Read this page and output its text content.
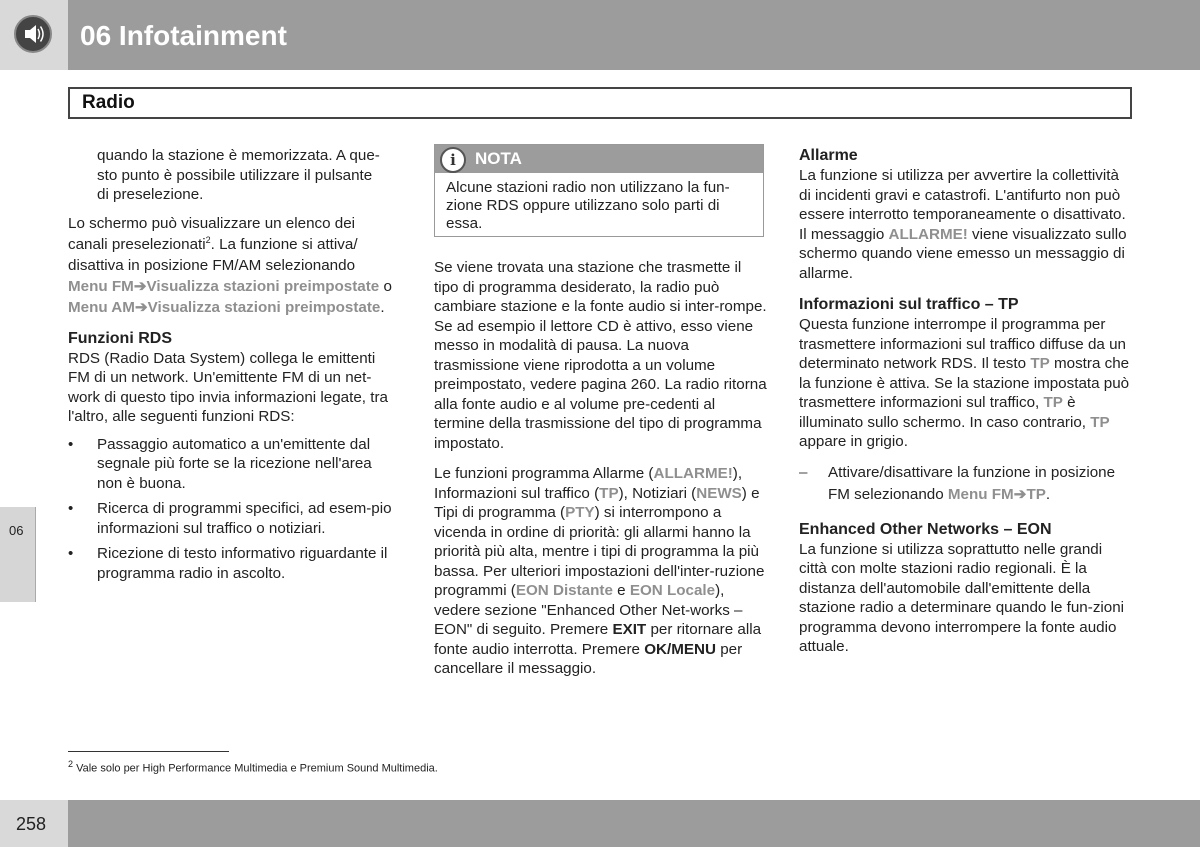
06 Infotainment
Radio

quando la stazione è memorizzata. A que-
sto punto è possibile utilizzare il pulsante
di preselezione.

Lo schermo può visualizzare un elenco dei canali preselezionati$^2$. La funzione si attiva/ disattiva in posizione FM/AM selezionando Menu FM➔Visualizza stazioni preimpostate o Menu AM➔Visualizza stazioni preimpostate.

Funzioni RDS

RDS (Radio Data System) collega le emittenti FM di un network. Un'emittente FM di un net-work di questo tipo invia informazioni legate, tra l'altro, alle seguenti funzioni RDS:

• Passaggio automatico a un'emittente dal segnale più forte se la ricezione nell'area non è buona.
• Ricerca di programmi specifici, ad esem-pio informazioni sul traffico o notiziari.
• Ricezione di testo informativo riguardante il programma radio in ascolto.
i	NOTA
Alcune stazioni radio non utilizzano la fun-zione RDS oppure utilizzano solo parti di essa.

Se viene trovata una stazione che trasmette il tipo di programma desiderato, la radio può cambiare stazione e la fonte audio si inter-rompe. Se ad esempio il lettore CD è attivo, esso viene messo in modalità di pausa. La nuova trasmissione viene riprodotta a un volume preimpostato, vedere pagina 260. La radio ritorna alla fonte audio e al volume pre-cedenti al termine della trasmissione del tipo di programma impostato.

Le funzioni programma Allarme (ALLARME!), Informazioni sul traffico (TP), Notiziari (NEWS) e Tipi di programma (PTY) si interrompono a vicenda in ordine di priorità: gli allarmi hanno la priorità più alta, mentre i tipi di programma la più bassa. Per ulteriori impostazioni dell'inter-ruzione programmi (EON Distante e EON Locale), vedere sezione "Enhanced Other Net-works – EON" di seguito. Premere EXIT per ritornare alla fonte audio interrotta. Premere OK/MENU per cancellare il messaggio.

Allarme

La funzione si utilizza per avvertire la collettività di incidenti gravi e catastrofi. L'antifurto non può essere interrotto temporaneamente o disattivato. Il messaggio ALLARME! viene visualizzato sullo schermo quando viene emesso un messaggio di allarme.

Informazioni sul traffico – TP

Questa funzione interrompe il programma per trasmettere informazioni sul traffico diffuse da un determinato network RDS. Il testo TP mostra che la funzione è attiva. Se la stazione impostata può trasmettere informazioni sul traffico, TP è illuminato sullo schermo. In caso contrario, TP appare in grigio.

– Attivare/disattivare la funzione in posizione FM selezionando Menu FM➔TP.
Enhanced Other Networks – EON

La funzione si utilizza soprattutto nelle grandi città con molte stazioni radio regionali. È la distanza dell'automobile dall'emittente della stazione radio a determinare quando le fun-zioni programma devono interrompere la fonte audio attuale.

06
$^2$ Vale solo per High Performance Multimedia e Premium Sound Multimedia.
258
